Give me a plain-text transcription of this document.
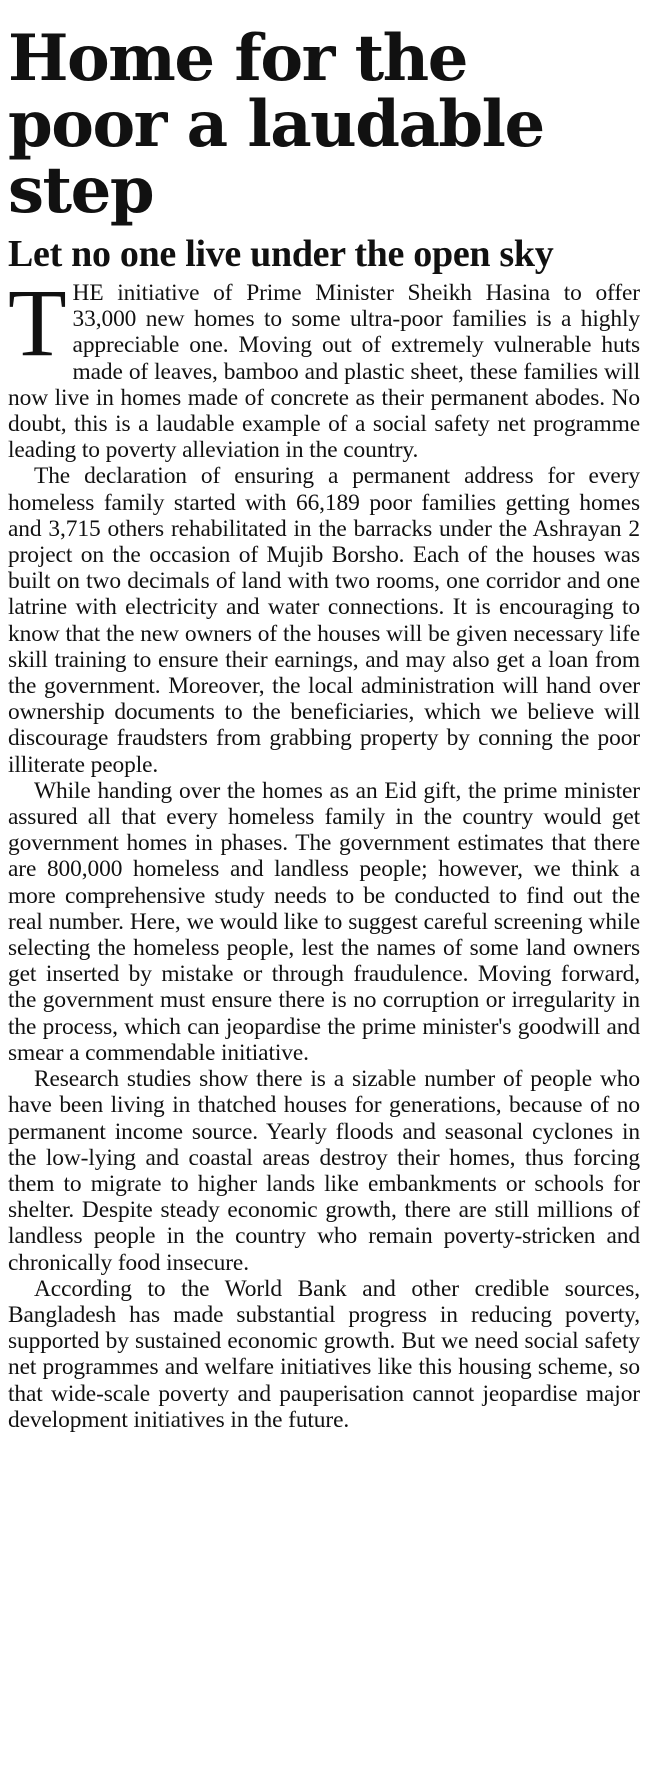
Home for the
poor a laudable
step
Let no one live under the open sky

THE initiative of Prime Minister Sheikh Hasina to offer 33,000 new homes to some ultra-poor families is a highly appreciable one. Moving out of extremely vulnerable huts made of leaves, bamboo and plastic sheet, these families will now live in homes made of concrete as their permanent abodes. No doubt, this is a laudable example of a social safety net programme leading to poverty alleviation in the country.

The declaration of ensuring a permanent address for every homeless family started with 66,189 poor families getting homes and 3,715 others rehabilitated in the barracks under the Ashrayan 2 project on the occasion of Mujib Borsho. Each of the houses was built on two decimals of land with two rooms, one corridor and one latrine with electricity and water connections. It is encouraging to know that the new owners of the houses will be given necessary life skill training to ensure their earnings, and may also get a loan from the government. Moreover, the local administration will hand over ownership documents to the beneficiaries, which we believe will discourage fraudsters from grabbing property by conning the poor illiterate people.

While handing over the homes as an Eid gift, the prime minister assured all that every homeless family in the country would get government homes in phases. The government estimates that there are 800,000 homeless and landless people; however, we think a more comprehensive study needs to be conducted to find out the real number. Here, we would like to suggest careful screening while selecting the homeless people, lest the names of some land owners get inserted by mistake or through fraudulence. Moving forward, the government must ensure there is no corruption or irregularity in the process, which can jeopardise the prime minister's goodwill and smear a commendable initiative.

Research studies show there is a sizable number of people who have been living in thatched houses for generations, because of no permanent income source. Yearly floods and seasonal cyclones in the low-lying and coastal areas destroy their homes, thus forcing them to migrate to higher lands like embankments or schools for shelter. Despite steady economic growth, there are still millions of landless people in the country who remain poverty-stricken and chronically food insecure.

According to the World Bank and other credible sources, Bangladesh has made substantial progress in reducing poverty, supported by sustained economic growth. But we need social safety net programmes and welfare initiatives like this housing scheme, so that wide-scale poverty and pauperisation cannot jeopardise major development initiatives in the future.
